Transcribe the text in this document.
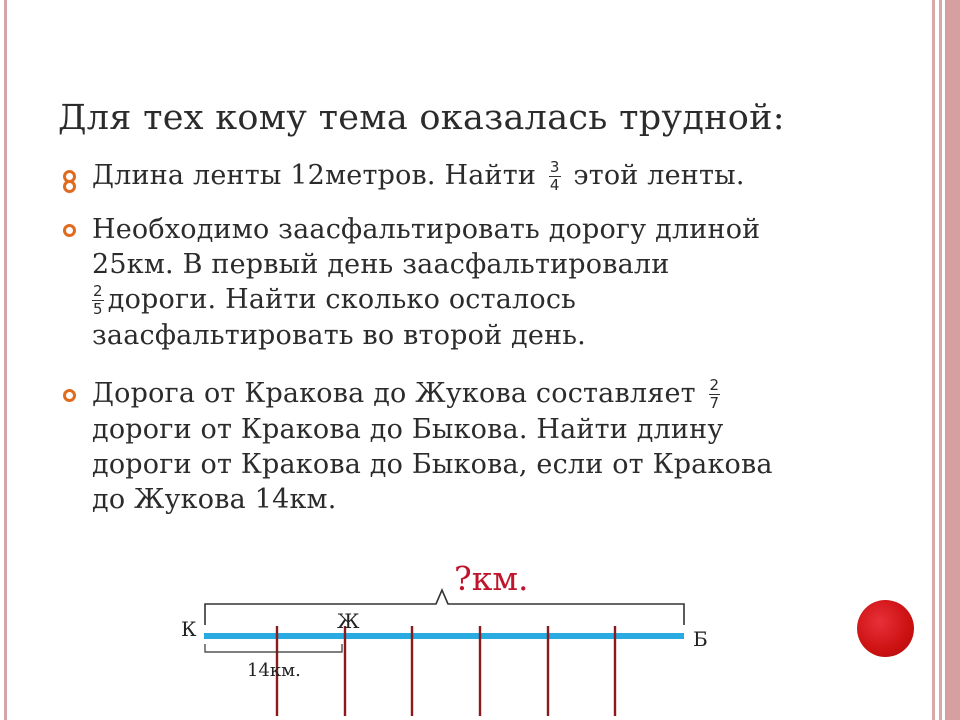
Для тех кому тема оказалась трудной:
Длина ленты 12метров. Найти $\frac{3}{4}$ этой ленты.
Необходимо заасфальтировать дорогу длиной
25км. В первый день заасфальтировали
$\frac{2}{5}$ дороги. Найти сколько осталось
заасфальтировать во второй день.
Дорога от Кракова до Жукова составляет $\frac{2}{7}$
дороги от Кракова до Быкова. Найти длину
дороги от Кракова до Быкова, если от Кракова
до Жукова 14км.
?км.
К	Ж
Б
14км.
